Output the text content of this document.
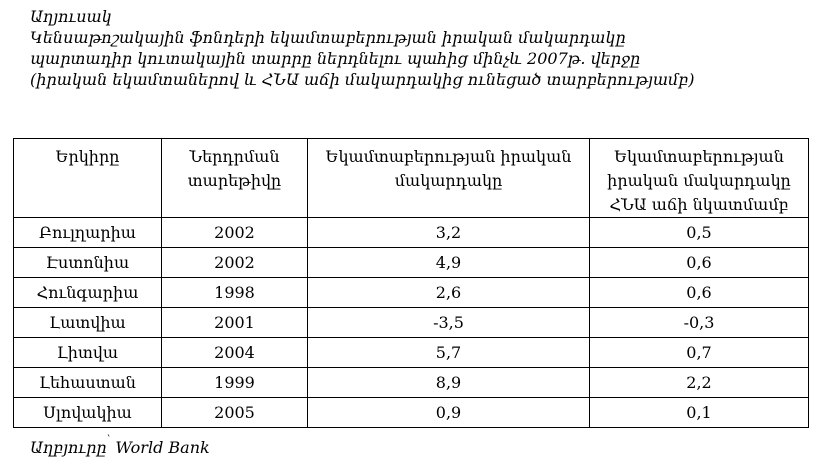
Աղյուսակ
Կենսաթոշակային ֆոնդերի եկամտաբերության իրական մակարդակը
պարտադիր կուտակային տարրը ներդնելու պահից մինչև 2007թ. վերջը
(իրական եկամտաներով և ՀՆԱ աճի մակարդակից ունեցած տարբերությամբ)
Երկիրը	Ներդրման տարեթիվը	Եկամտաբերության իրական մակարդակը	Եկամտաբերության իրական մակարդակը ՀՆԱ աճի նկատմամբ
Բուլղարիա	2002	3,2	0,5
Էստոնիա	2002	4,9	0,6
Հունգարիա	1998	2,6	0,6
Լատվիա	2001	-3,5	-0,3
Լիտվա	2004	5,7	0,7
Լեհաստան	1999	8,9	2,2
Սլովակիա	2005	0,9	0,1
Աղբյուրը՝ World Bank
